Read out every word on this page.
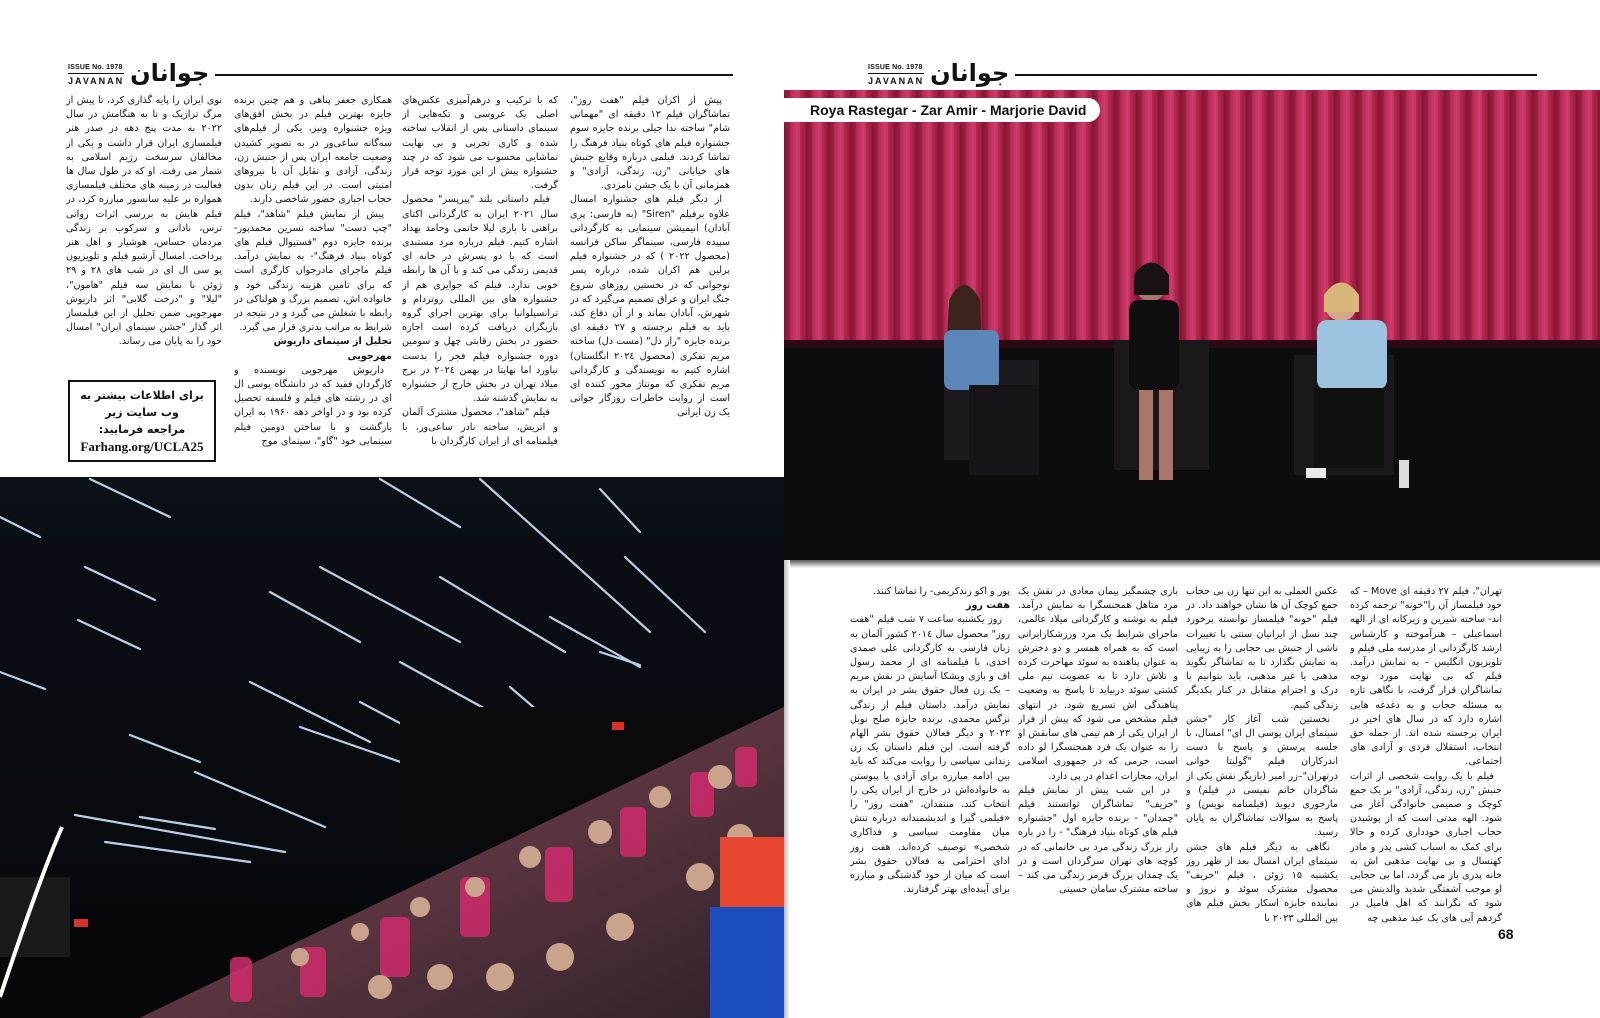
ISSUE No. 1978
JAVANAN جوانان

پیش از اکران فیلم "هفت روز"، تماشاگران فیلم ۱۲ دقیقه ای "مهمانی شام" ساخته ندا جیلی برنده جایزه سوم جشنواره فیلم های کوتاه بنیاد فرهنگ را تماشا کردند. فیلمی درباره وقایع جنبش های خیابانی "زن، زندگی، آزادی" و همزمانی آن با یک جشن نامزدی.

از دیگر فیلم های جشنواره امسال علاوه برفیلم "Siren" (به فارسی: پری آبادان) انیمیشن سینمایی به کارگردانی سپیده فارسی، سینماگر ساکن فرانسه (محصول ۲۰۲۲ ) که در جشنواره فیلم برلین هم اکران شده، درباره پسر نوجوانی که در نخستین روزهای شروع جنگ ایران و عراق تصمیم می‌گیرد که در شهرش، آبادان بماند و از آن دفاع کند، باید به فیلم برجسته و ۲۷ دقیقه ای برنده جایزه "راز دل" (مست دل) ساخته مریم تفکری (محصول ۲۰۲٤ انگلستان) اشاره کنیم به نویسندگی و کارگردانی مریم تفکری که مونتاژ محور کننده ای است از روایت خاطرات روزگار جوانی یک زن ایرانی

که با ترکیب و درهم‌آمیزی عکس‌های اصلی یک عروسی و تکه‌هایی از سینمای داستانی پس از انقلاب ساخته شده و کاری تجربی و بی نهایت تماشایی محسوب می شود که در چند جشنواره پیش از این مورد توجه قرار گرفت.

فیلم داستانی بلند "پیرپسر" محصول سال ۲۰۲۱ ایران به کارگردانی اکتای براهنی با بازی لیلا حاتمی وحامد بهداد اشاره کنیم. فیلم درباره مرد مستبدی است که با دو پسرش در خانه ای قدیمی زندگی می کند و با آن ها رابطه خوبی ندارد. فیلم که جوایزی هم از جشنواره های بین المللی روتردام و ترانسیلوانیا برای بهترین اجرای گروه بازیگران دریافت کرده است اجازه حضور در بخش رقابتی چهل و سومین دوره جشنواره فیلم فجر را بدست نیاورد اما نهایتا در بهمن ۲۰۲٤ در برج میلاد تهران در بخش خارج از جشنواره به نمایش گذشته شد.

فیلم "شاهد"، محصول مشترک آلمان و اتریش، ساخته نادر ساعی‌ور، با فیلمنامه ای از ایران کارگردان با

همکاری جعفر پناهی و هم چنین برنده جایزه بهترین فیلم در بخش افق‌های ویژه جشنواره ونیز، یکی از فیلم‌های سه‌گانه ساعی‌ور در به تصویر کشیدن وضعیت جامعه ایران پس از جنبش زن، زندگی، آزادی و تقابل آن با نیروهای امنیتی است. در این فیلم زنان بدون حجاب اجباری حضور شاخصی دارند.

پیش از نمایش فیلم "شاهد"، فیلم "چپ دست" ساخته نسرین محمدپور- برنده جایزه دوم "فستیوال فیلم های کوتاه بنیاد فرهنگ"- به نمایش درآمد. فیلم ماجرای مادرجوان کارگری است که برای تامین هزینه زندگی خود و خانواده اش، تصمیم بزرگ و هولناکی در رابطه با شغلش می گیرد و در نتیجه در شرایط به مراتب بدتری قرار می گیرد.

تجلیل از سینمای داریوش مهرجویی

داریوش مهرجویی نویسنده و کارگردان فقید که در دانشگاه یوسی ال ای در رشته های فیلم و فلسفه تحصیل کرده بود و در اواخر دهه ۱۹۶۰ به ایران بازگشت و با ساختن دومین فیلم سینمایی خود "گاو"، سینمای موج

نوی ایران را پایه گذاری کرد، تا پیش از مرگ تراژیک و نا به هنگامش در سال ۲۰۲۲ به مدت پنج دهه در صدر هنر فیلمسازی ایران قرار داشت و یکی از مخالفان سرسخت رژیم اسلامی به شمار می رفت. او که در طول سال ها فعالیت در زمینه های مختلف فیلمسازی همواره بر علیه سانسور مبارزه کرد، در فیلم هایش به بررسی اثرات روانی ترس، نادانی و سرکوب بر زندگی مردمان حساس، هوشیار و اهل هنر پرداخت. امسال آرشیو فیلم و تلویزیون یو سی ال ای در شب های ۲۸ و ۲۹ ژوئن با نمایش سه فیلم "هامون"، "لیلا" و "درخت گلابی" اثر داریوش مهرجویی ضمن تجلیل از این فیلمساز اثر گذار "جشن سینمای ایران" امسال خود را به پایان می رساند.

برای اطلاعات بیشتر به
وب سایت زیر
مراجعه فرمایید:
Farhang.org/UCLA25
ISSUE No. 1978
JAVANAN جوانان

تهران"، فیلم ۲۷ دقیقه ای Move – که خود فیلمساز آن را"خونه" ترجمه کرده اند- ساخته شیرین و زیرکانه ای از الهه اسماعیلی – هنرآموخته و کارشناس ارشد کارگردانی از مدرسه ملی فیلم و تلویزیون انگلیس – به نمایش درآمد. فیلم که بی نهایت مورد توجه تماشاگران قرار گرفت، با نگاهی تازه به مسئله حجاب و به دغدغه هایی اشاره دارد که در سال های اخیر در ایران برجسته شده اند. از جمله حق انتخاب، استقلال فردی و آزادی های اجتماعی.

فیلم با یک روایت شخصی از اثرات جنبش "زن، زندگی، آزادی" بر یک جمع کوچک و صمیمی خانوادگی آغاز می شود. الهه مدتی است که از پوشیدن حجاب اجباری خودداری کرده و حالا برای کمک به اسباب کشی پدر و مادر کهنسال و بی نهایت مذهبی اش به خانه پدری باز می گردد، اما بی حجابی او موجب آشفتگی شدید والدینش می شود که نگرانند که اهل فامیل در گردهم آیی های یک عید مذهبی چه

عکس العملی به این تنها زن بی حجاب جمع کوچک آن ها نشان خواهند داد. در فیلم "خونه" فیلمساز توانسته برخورد چند نسل از ایرانیان سنتی با تغییرات ناشی از جنبش بی حجابی را به زیبایی به نمایش بگذارد تا به تماشاگر بگوید مذهبی یا غیر مذهبی، باید بتوانیم با درک و احترام متقابل در کنار یکدیگر زندگی کنیم.

نخستین شب آغاز کار "جشن سینمای ایران یوسی ال ای" امسال، با جلسه پرسش و پاسخ با دست اندرکاران فیلم "گولیتا خوانی درتهران"–زر امیر (بازیگر نقش یکی از شاگردان خانم نفیسی در فیلم) و مارجوری دیوید (فیلمنامه نویس) و پاسخ به سوالات تماشاگران به پایان رسید.

نگاهی به دیگر فیلم های جشن سینمای ایران امسال بعد از ظهر روز یکشنبه ۱۵ ژوئن ، فیلم "حریف" محصول مشترک سوئد و نروژ و نماینده جایزه اسکار بخش فیلم های بین المللی ۲۰۲۳ با

بازی چشمگیر پیمان معادی در نقش یک مرد متاهل همجنسگرا به نمایش درآمد. فیلم به نوشته و کارگردانی میلاد عالمی، ماجرای شرایط یک مرد ورزشکارایرانی است که به همراه همسر و دو دخترش به عنوان پناهنده به سوئد مهاجرت کرده و تلاش دارد تا به عضویت تیم ملی کشتی سوئد دربیاید تا پاسخ به وضعیت پناهندگی اش تسریع شود. در انتهای فیلم مشخص می شود که پیش از فرار از ایران یکی از هم تیمی های سابقش او را به عنوان یک فرد همجنسگرا لو داده است، جرمی که در جمهوری اسلامی ایران، مجازات اعدام در پی دارد.

در این شب پیش از نمایش فیلم "حریف" تماشاگران توانستند فیلم "چمدان" - برنده جایزه اول "جشنواره فیلم های کوتاه بنیاد فرهنگ" - را در باره راز بزرگ زندگی مرد بی خانمانی که در کوچه های تهران سرگردان است و در یک چمدان بزرگ قرمز زندگی می کند – ساخته مشترک سامان حسینی

پور و اکو زندکریمی- را تماشا کنند.

هفت روز

روز یکشنبه ساعت ۷ شب فیلم "هفت روز" محصول سال ۲۰۱٤ کشور آلمان به زبان فارسی به کارگردانی علی صمدی احدی، با فیلمنامه ای از محمد رسول اف و بازی ویشکا آسایش در نقش مریم – یک زن فعال حقوق بشر در ایران به نمایش درآمد. داستان فیلم از زندگی نرگس محمدی، برنده جایزه صلح نوبل ۲۰۲۳ و دیگر فعالان حقوق بشر الهام گرفته است. این فیلم داستان یک زن زندانی سیاسی را روایت می‌کند که باید بین ادامه مبارزه برای آزادی یا پیوستن به خانواده‌اش در خارج از ایران یکی را انتخاب کند. منتقدان، "هفت روز" را «فیلمی گیرا و اندیشمندانه درباره تنش میان مقاومت سیاسی و فداکاری شخصی» توصیف کرده‌اند. هفت روز ادای احترامی به فعالان حقوق بشر است که میان از خود گذشتگی و مبارزه برای آینده‌ای بهتر گرفتارند.

68
Roya Rastegar - Zar Amir - Marjorie David
